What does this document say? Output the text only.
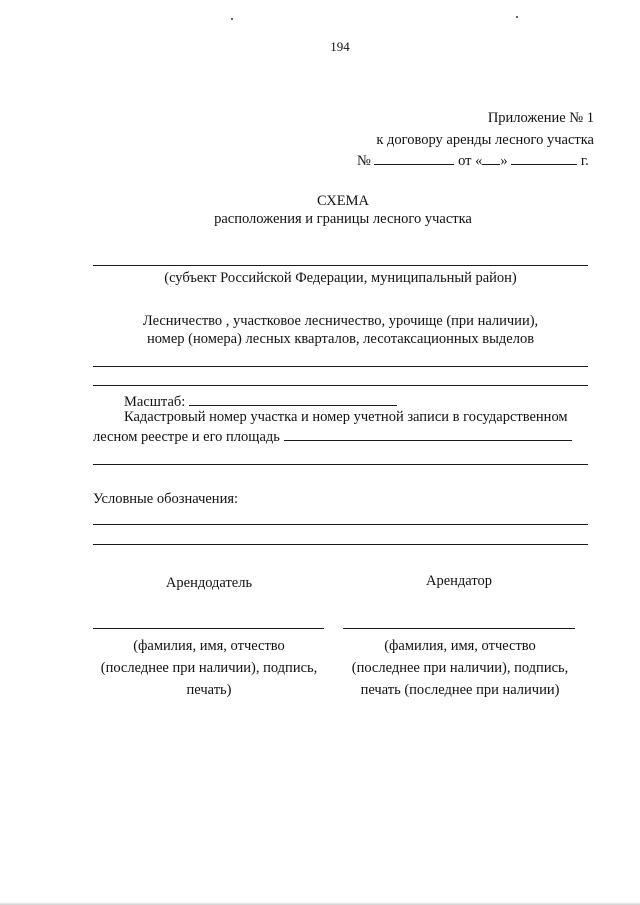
194
Приложение № 1
к договору аренды лесного участка
№	от « »	г.
СХЕМА
расположения и границы лесного участка
(субъект Российской Федерации, муниципальный район)
Лесничество , участковое лесничество, урочище (при наличии),
номер (номера) лесных кварталов, лесотаксационных выделов
Масштаб:
Кадастровый номер участка и номер учетной записи в государственном
лесном реестре и его площадь
Условные обозначения:
Арендодатель
(фамилия, имя, отчество
(последнее при наличии), подпись,
печать)
Арендатор
(фамилия, имя, отчество
(последнее при наличии), подпись,
печать (последнее при наличии)
